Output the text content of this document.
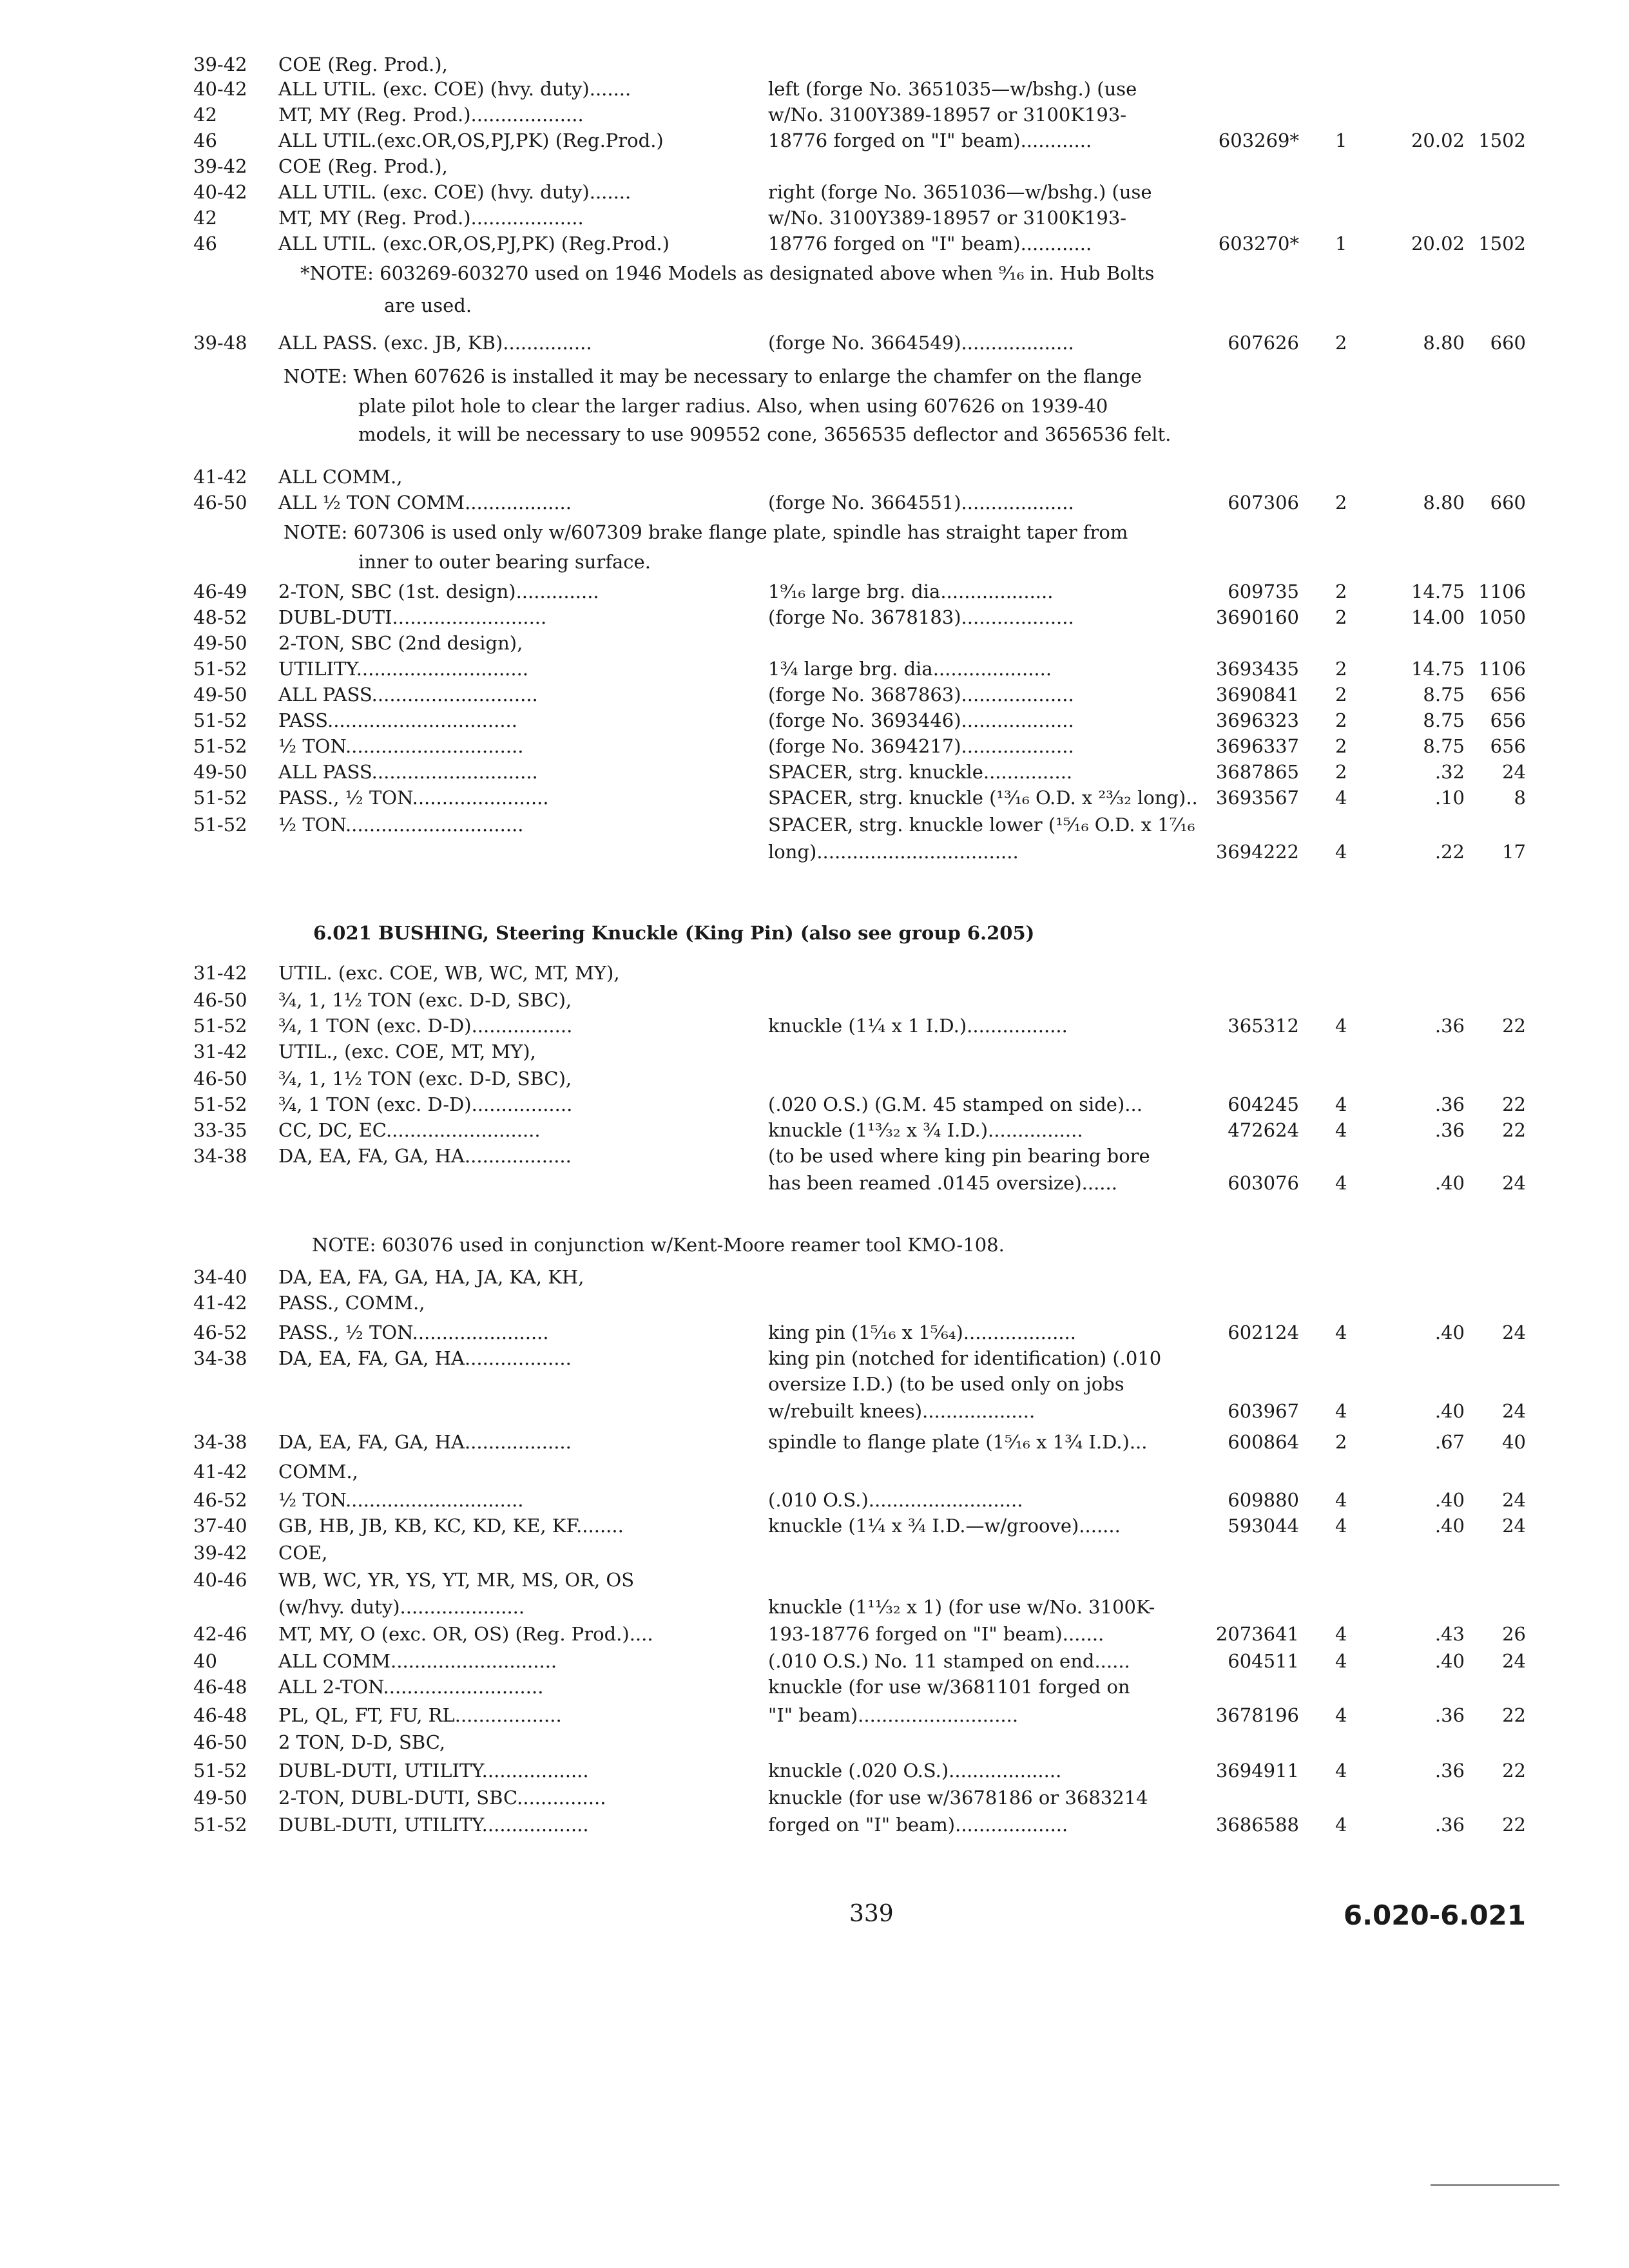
39-42 COE (Reg. Prod.),
40-42 ALL UTIL. (exc. COE) (hvy. duty).......	left (forge No. 3651035—w/bshg.) (use
42	MT, MY (Reg. Prod.)...................	w/No. 3100Y389-18957 or 3100K193-
46	ALL UTIL.(exc.OR,OS,PJ,PK) (Reg.Prod.)	18776 forged on "I" beam)............	603269* 1	20.02 1502
39-42 COE (Reg. Prod.),
40-42 ALL UTIL. (exc. COE) (hvy. duty).......	right (forge No. 3651036—w/bshg.) (use
42	MT, MY (Reg. Prod.)...................	w/No. 3100Y389-18957 or 3100K193-
46	ALL UTIL. (exc.OR,OS,PJ,PK) (Reg.Prod.)	18776 forged on "I" beam)............	603270* 1	20.02 1502
39-48 ALL PASS. (exc. JB, KB)...............	(forge No. 3664549)...................	607626 2	8.80 660
41-42 ALL COMM.,
46-50 ALL ½ TON COMM..................	(forge No. 3664551)...................	607306 2	8.80 660
46-49 2-TON, SBC (1st. design)..............	1⁹⁄₁₆ large brg. dia...................	609735 2	14.75 1106
48-52 DUBL-DUTI..........................	(forge No. 3678183)...................	3690160 2	14.00 1050
49-50 2-TON, SBC (2nd design),
51-52 UTILITY.............................	1¾ large brg. dia....................	3693435 2	14.75 1106
49-50 ALL PASS............................	(forge No. 3687863)...................	3690841 2	8.75 656
51-52 PASS................................	(forge No. 3693446)...................	3696323 2	8.75 656
51-52 ½ TON..............................	(forge No. 3694217)...................	3696337 2	8.75 656
49-50 ALL PASS............................	SPACER, strg. knuckle...............	3687865 2	.32 24
51-52 PASS., ½ TON.......................	SPACER, strg. knuckle (¹³⁄₁₆ O.D. x ²³⁄₃₂ long).. 3693567 4	.10	8
51-52 ½ TON..............................	SPACER, strg. knuckle lower (¹⁵⁄₁₆ O.D. x 1⁷⁄₁₆
long)..................................	3694222 4	.22 17
31-42 UTIL. (exc. COE, WB, WC, MT, MY),
46-50 ¾, 1, 1½ TON (exc. D-D, SBC),
51-52 ¾, 1 TON (exc. D-D).................	knuckle (1¼ x 1 I.D.).................	365312 4	.36 22
31-42 UTIL., (exc. COE, MT, MY),
46-50 ¾, 1, 1½ TON (exc. D-D, SBC),
51-52 ¾, 1 TON (exc. D-D).................	(.020 O.S.) (G.M. 45 stamped on side)...	604245 4	.36 22
33-35 CC, DC, EC..........................	knuckle (1¹³⁄₃₂ x ¾ I.D.)................	472624 4	.36 22
34-38 DA, EA, FA, GA, HA..................	(to be used where king pin bearing bore
has been reamed .0145 oversize)......	603076 4	.40 24
34-40 DA, EA, FA, GA, HA, JA, KA, KH,
41-42 PASS., COMM.,
46-52 PASS., ½ TON.......................	king pin (1⁵⁄₁₆ x 1⁵⁄₆₄)...................	602124 4	.40 24
34-38 DA, EA, FA, GA, HA..................	king pin (notched for identification) (.010
oversize I.D.) (to be used only on jobs
w/rebuilt knees)...................	603967 4	.40 24
34-38 DA, EA, FA, GA, HA..................	spindle to flange plate (1⁵⁄₁₆ x 1¾ I.D.)...	600864 2	.67 40
41-42 COMM.,
46-52 ½ TON..............................	(.010 O.S.)..........................	609880 4	.40 24
37-40 GB, HB, JB, KB, KC, KD, KE, KF........	knuckle (1¼ x ¾ I.D.—w/groove).......	593044 4	.40 24
39-42 COE,
40-46 WB, WC, YR, YS, YT, MR, MS, OR, OS
(w/hvy. duty).....................	knuckle (1¹¹⁄₃₂ x 1) (for use w/No. 3100K-
42-46 MT, MY, O (exc. OR, OS) (Reg. Prod.)....	193-18776 forged on "I" beam).......	2073641 4	.43 26
40	ALL COMM............................	(.010 O.S.) No. 11 stamped on end......	604511 4	.40 24
46-48 ALL 2-TON...........................	knuckle (for use w/3681101 forged on
46-48 PL, QL, FT, FU, RL..................	"I" beam)...........................	3678196 4	.36 22
46-50 2 TON, D-D, SBC,
51-52 DUBL-DUTI, UTILITY..................	knuckle (.020 O.S.)...................	3694911 4	.36 22
49-50 2-TON, DUBL-DUTI, SBC...............	knuckle (for use w/3678186 or 3683214
51-52 DUBL-DUTI, UTILITY..................	forged on "I" beam)...................	3686588 4	.36 22
*NOTE: 603269-603270 used on 1946 Models as designated above when ⁹⁄₁₆ in. Hub Bolts
are used.
NOTE: When 607626 is installed it may be necessary to enlarge the chamfer on the flange
plate pilot hole to clear the larger radius. Also, when using 607626 on 1939-40
models, it will be necessary to use 909552 cone, 3656535 deflector and 3656536 felt.
NOTE: 607306 is used only w/607309 brake flange plate, spindle has straight taper from
inner to outer bearing surface.
6.021 BUSHING, Steering Knuckle (King Pin) (also see group 6.205)
NOTE: 603076 used in conjunction w/Kent-Moore reamer tool KMO-108.
339	6.020-6.021
